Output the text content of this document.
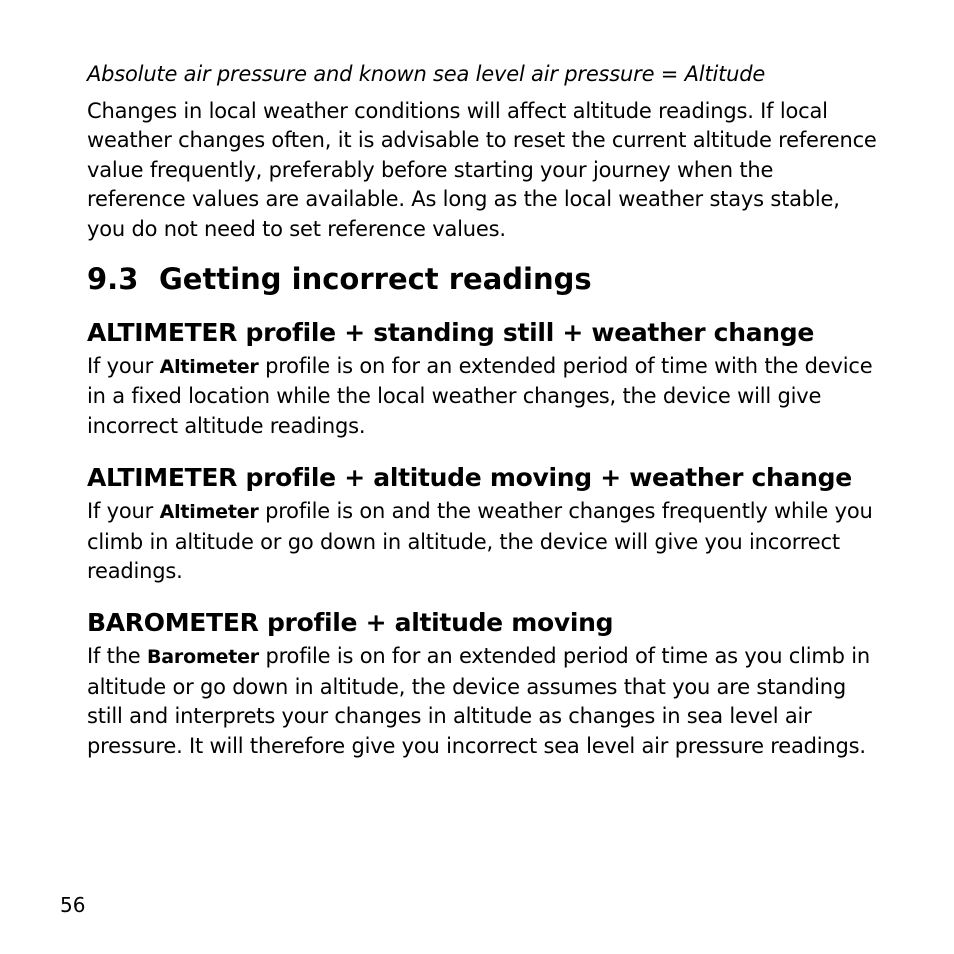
Absolute air pressure and known sea level air pressure = Altitude

Changes in local weather conditions will affect altitude readings. If local weather changes often, it is advisable to reset the current altitude reference value frequently, preferably before starting your journey when the reference values are available. As long as the local weather stays stable, you do not need to set reference values.

9.3 Getting incorrect readings
ALTIMETER profile + standing still + weather change

If your Altimeter profile is on for an extended period of time with the device in a fixed location while the local weather changes, the device will give incorrect altitude readings.

ALTIMETER profile + altitude moving + weather change

If your Altimeter profile is on and the weather changes frequently while you climb in altitude or go down in altitude, the device will give you incorrect readings.

BAROMETER profile + altitude moving

If the Barometer profile is on for an extended period of time as you climb in altitude or go down in altitude, the device assumes that you are standing still and interprets your changes in altitude as changes in sea level air pressure. It will therefore give you incorrect sea level air pressure readings.

56
